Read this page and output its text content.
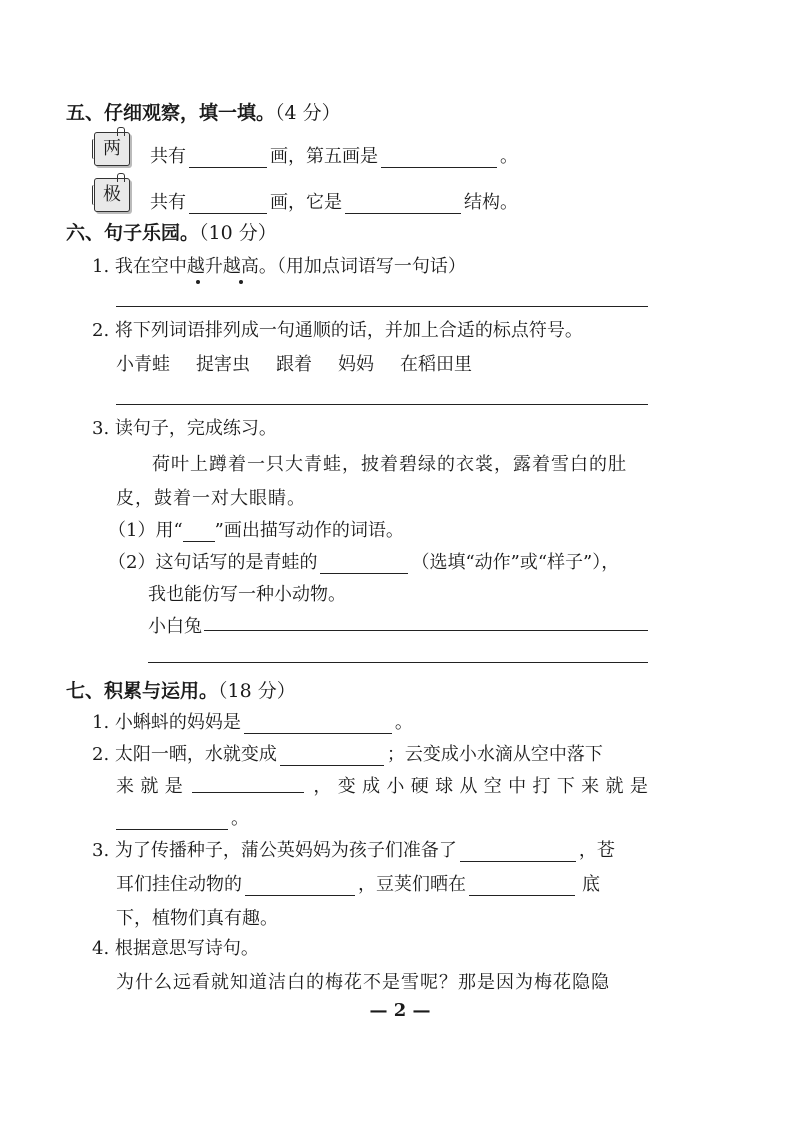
五、仔细观察，填一填。（4 分）
两	共有	画，第五画是	。
极	共有	画，它是	结构。
六、句子乐园。（10 分）
1. 我在空中越升越高。（用加点词语写一句话）
2. 将下列词语排列成一句通顺的话，并加上合适的标点符号。
小青蛙 捉害虫 跟着 妈妈 在稻田里
3. 读句子，完成练习。
荷叶上蹲着一只大青蛙，披着碧绿的衣裳，露着雪白的肚
皮，鼓着一对大眼睛。
（1）用“ ”画出描写动作的词语。
（2）这句话写的是青蛙的	（选填“动作”或“样子”），
我也能仿写一种小动物。
小白兔
七、积累与运用。（18 分）
1. 小蝌蚪的妈妈是	。
2. 太阳一晒，水就变成	；云变成小水滴从空中落下
来 就 是	， 变 成 小 硬 球 从 空 中 打 下 来 就 是
。
3. 为了传播种子，蒲公英妈妈为孩子们准备了	，苍
耳们挂住动物的	，豆荚们晒在	底
下，植物们真有趣。
4. 根据意思写诗句。
为什么远看就知道洁白的梅花不是雪呢？那是因为梅花隐隐
— 2 —
